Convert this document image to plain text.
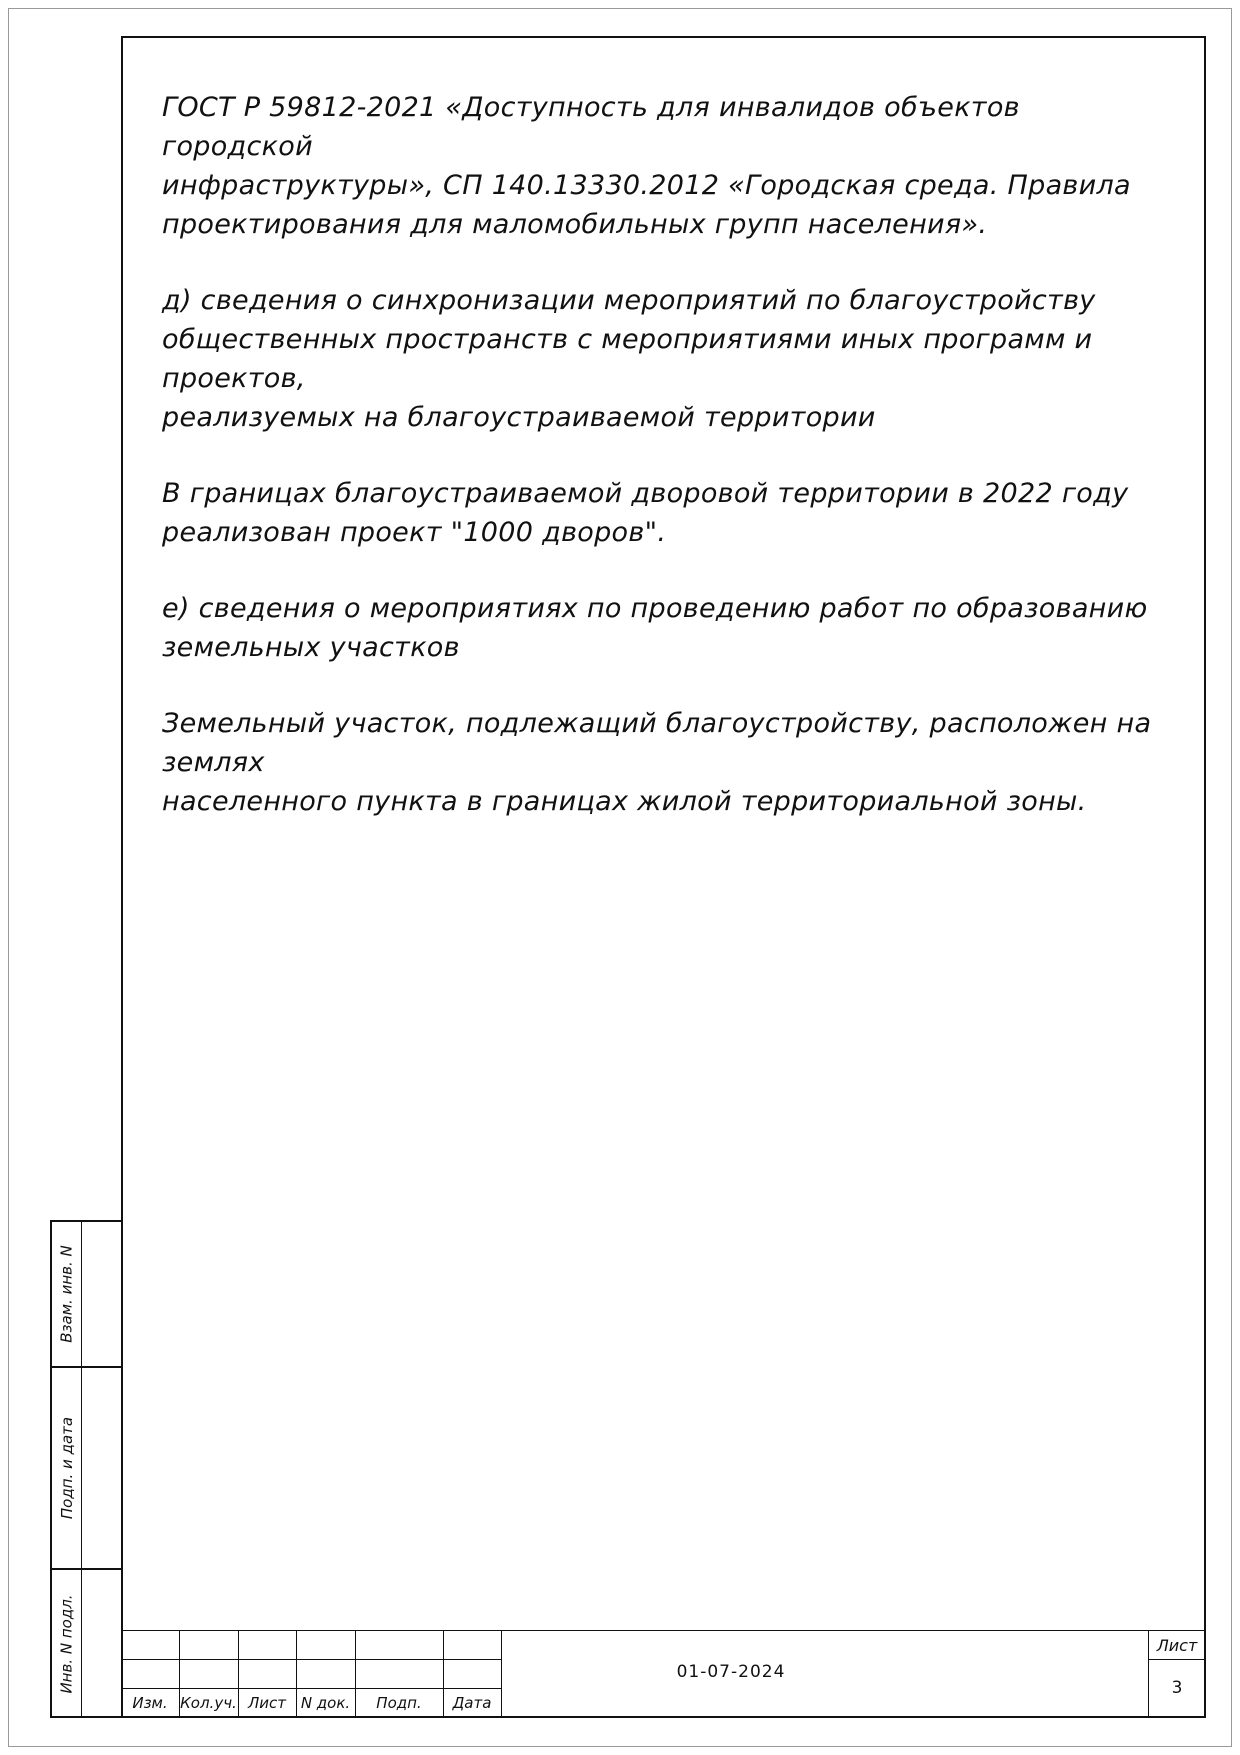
ГОСТ Р 59812-2021 «Доступность для инвалидов объектов городской
инфраструктуры», СП 140.13330.2012 «Городская среда. Правила
проектирования для маломобильных групп населения».

д) сведения о синхронизации мероприятий по благоустройству
общественных пространств с мероприятиями иных программ и проектов,
реализуемых на благоустраиваемой территории

В границах благоустраиваемой дворовой территории в 2022 году
реализован проект "1000 дворов".

е) сведения о мероприятиях по проведению работ по образованию
земельных участков

Земельный участок, подлежащий благоустройству, расположен на землях
населенного пункта в границах жилой территориальной зоны.

Взам. инв. N
Подп. и дата
Инв. N подл.
Изм. Кол.уч. Лист N док.	Подп.	Дата
01-07-2024
Лист
3
